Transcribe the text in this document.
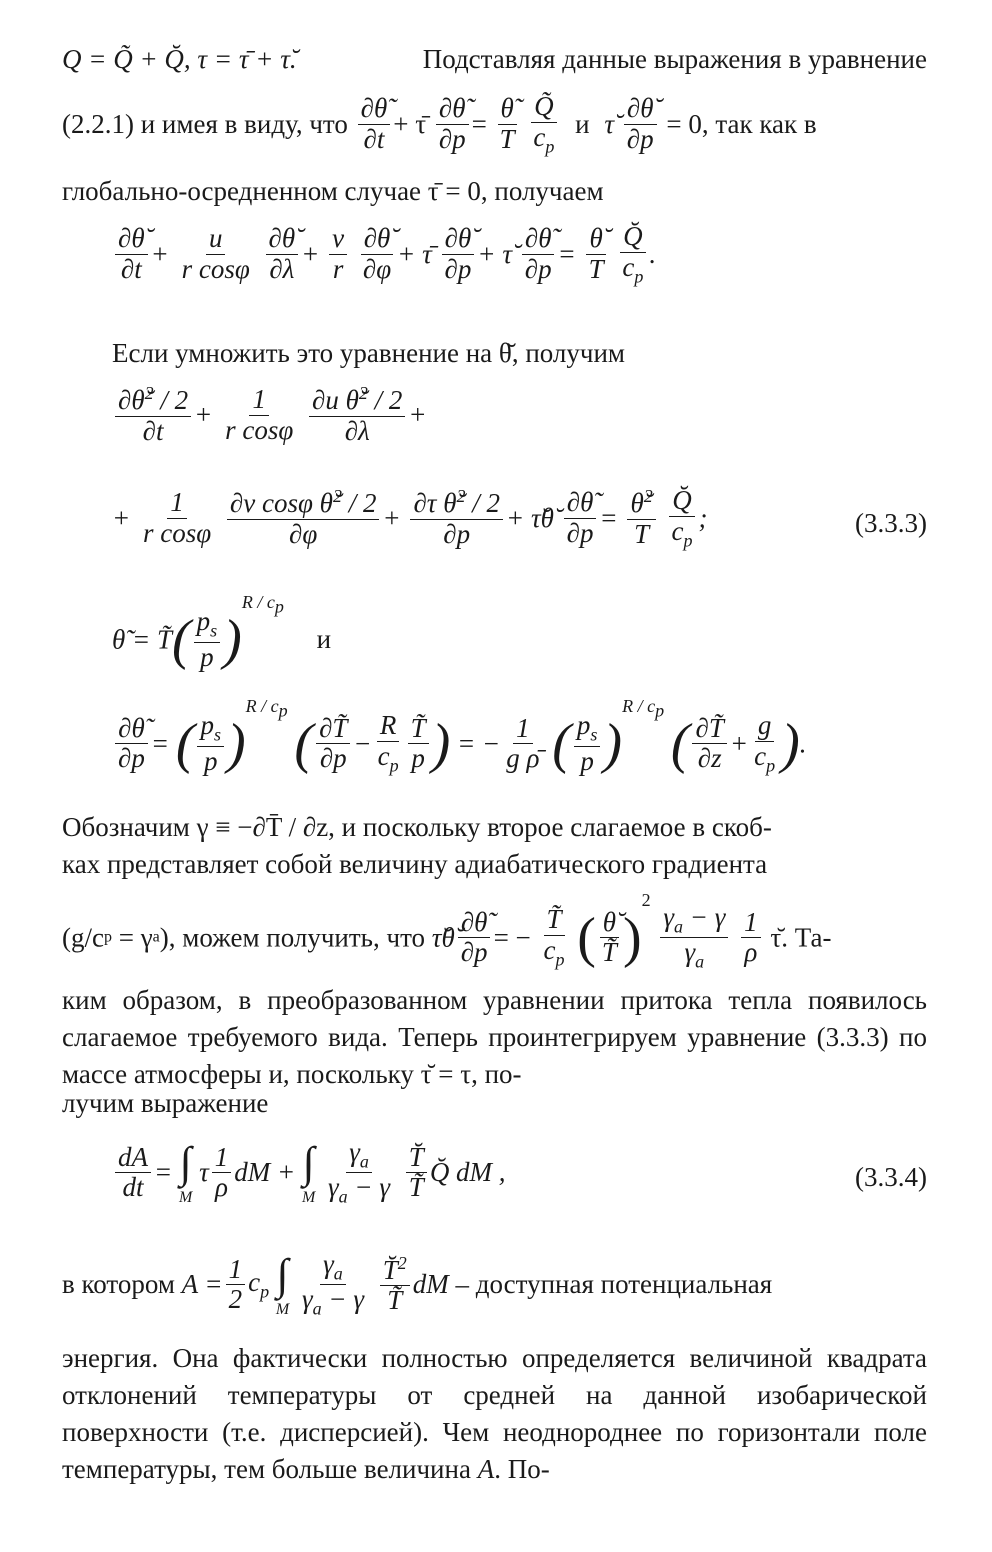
Q = Q̃ + Q̆, τ = τ̄ + τ̆.	Подставляя данные выражения в уравнение
(2.2.1) и имея в виду, что $\frac{\partial\thetã}{\partial t}$ + τ̄ $\frac{\partial\thetã}{\partial p} = \frac{\thetã}{T}$
$\frac{Q̃}{c_p}$ и τ̆ $\frac{\partial\thetă}{\partial p} = 0$, так как в
глобально-осредненном случае τ̄ = 0, получаем
$\frac{\partial\thetă}{\partial t} + \frac{u}{\text{r cosφ}}$
$\frac{\partial\thetă}{\partial\lambda} + \frac{v}{r}$
$\frac{\partial\thetă}{\partial\varphi}$ + τ̄ $\frac{\partial\thetă}{\partial p}$ + τ̆ $\frac{\partial\thetã}{\partial p} = \frac{\thetă}{T}$
$\frac{Q̆}{c_p}$ .
Если умножить это уравнение на θ̆, получим
$\frac{\partial\thetă^2 / 2}{\partial t} + \frac{1}{\text{r cosφ}}$
$\frac{\partial u \thetă^2 / 2}{\partial\lambda}$ +
+ $\frac{1}{\text{r cosφ}}$
$\frac{\partial v \cos\varphi \thetă^2 / 2}{\partial\varphi} + \frac{\partial\tau \thetă^2 / 2}{\partial p}$ + τ̆θ̆ $\frac{\partial\thetã}{\partial p} = \frac{\thetă^2}{T}$
$\frac{Q̆}{c_p}$ ;	(3.3.3)
θ̃ = T̃( $\frac{p_s}{p} )^{R / c_p}$ и
$\frac{\partial\thetã}{\partial p}$ = ( $\frac{p_s}{p} )^{R / c_p}$ ( $\frac{\partial T̃}{\partial p} - \frac{R}{c_p} \frac{T̃}{p}$ ) = − $\frac{1}{\text{g ρ̄}}$ ( $\frac{p_s}{p} )^{R / c_p}$ ( $\frac{\partial T̃}{\partial z} + \frac{g}{c_p}$ ).
Обозначим γ ≡ −∂T̄ / ∂z, и поскольку второе слагаемое в скоб-
ках представляет собой величину адиабатического градиента
(g/cp = γa), можем получить, что τ̆θ̆ $\frac{\partial\thetã}{\partial p}$ = − $\frac{T̃}{c_p}$ ( $\frac{\thetă}{T̃} )^2$
$\frac{\gamma_a - \gamma}{\gamma_a}$
$\frac{1}{\rho}$ τ̆. Та-
ким образом, в преобразованном уравнении притока тепла появилось слагаемое требуемого вида. Теперь проинтегрируем уравнение (3.3.3) по массе атмосферы и, поскольку τ̆ = τ, по-
лучим выражение
$\frac{dA}{dt}$ = ∫
M
τ $\frac{1}{\rho}$ dM + ∫
M
$\frac{\gamma_a}{\gamma_a - \gamma}$
$\frac{T̆}{T̃}$ Q̆ dM ,	(3.3.4)
в котором $A = \frac{1}{2} c_p$ ∫
M
$\frac{\gamma_a}{\gamma_a - \gamma}$
$\frac{T̆^2}{T̃}$ dM – доступная потенциальная
энергия. Она фактически полностью определяется величиной квадрата отклонений температуры от средней на данной изобарической поверхности (т.е. дисперсией). Чем неоднороднее по горизонтали поле температуры, тем больше величина A. По-
